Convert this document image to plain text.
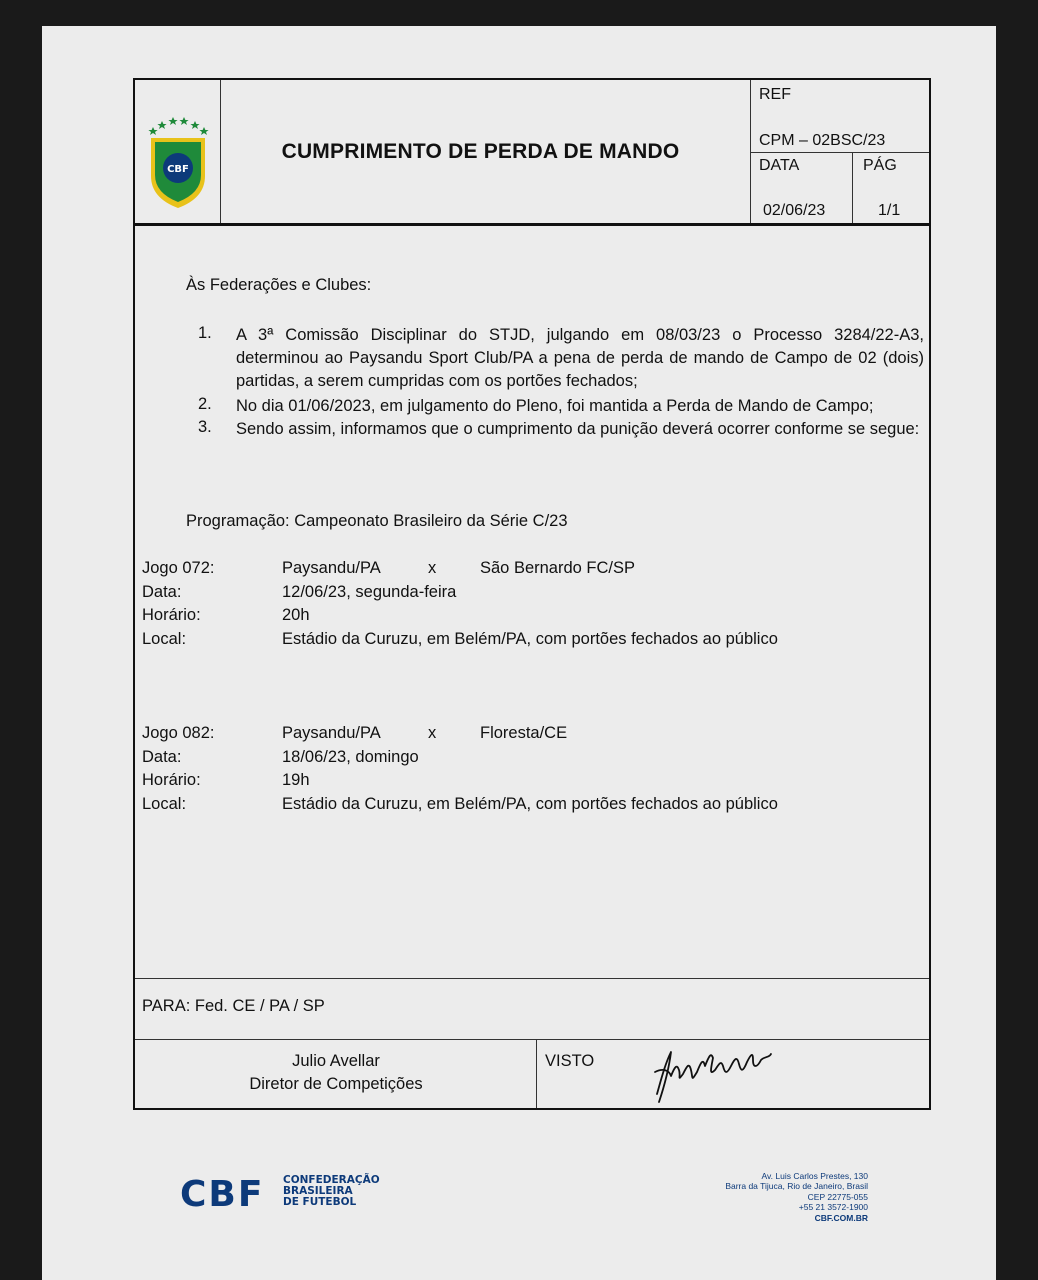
CBF
CUMPRIMENTO DE PERDA DE MANDO
REF
CPM – 02BSC/23
DATA
02/06/23
PÁG
1/1
Às Federações e Clubes:
1. A 3ª Comissão Disciplinar do STJD, julgando em 08/03/23 o Processo 3284/22-A3, determinou ao Paysandu Sport Club/PA a pena de perda de mando de Campo de 02 (dois) partidas, a serem cumpridas com os portões fechados;
2. No dia 01/06/2023, em julgamento do Pleno, foi mantida a Perda de Mando de Campo;
3. Sendo assim, informamos que o cumprimento da punição deverá ocorrer conforme se segue:
Programação: Campeonato Brasileiro da Série C/23
Jogo 072:	Paysandu/PA	x	São Bernardo FC/SP
Data:	12/06/23, segunda-feira
Horário:	20h
Local:	Estádio da Curuzu, em Belém/PA, com portões fechados ao público
Jogo 082:	Paysandu/PA	x	Floresta/CE
Data:	18/06/23, domingo
Horário:	19h
Local:	Estádio da Curuzu, em Belém/PA, com portões fechados ao público
PARA: Fed. CE / PA / SP
Julio Avellar
Diretor de Competições
VISTO
CBF CONFEDERAÇÃO
BRASILEIRA
DE FUTEBOL
Av. Luis Carlos Prestes, 130
Barra da Tijuca, Rio de Janeiro, Brasil
CEP 22775-055
+55 21 3572-1900
CBF.COM.BR
